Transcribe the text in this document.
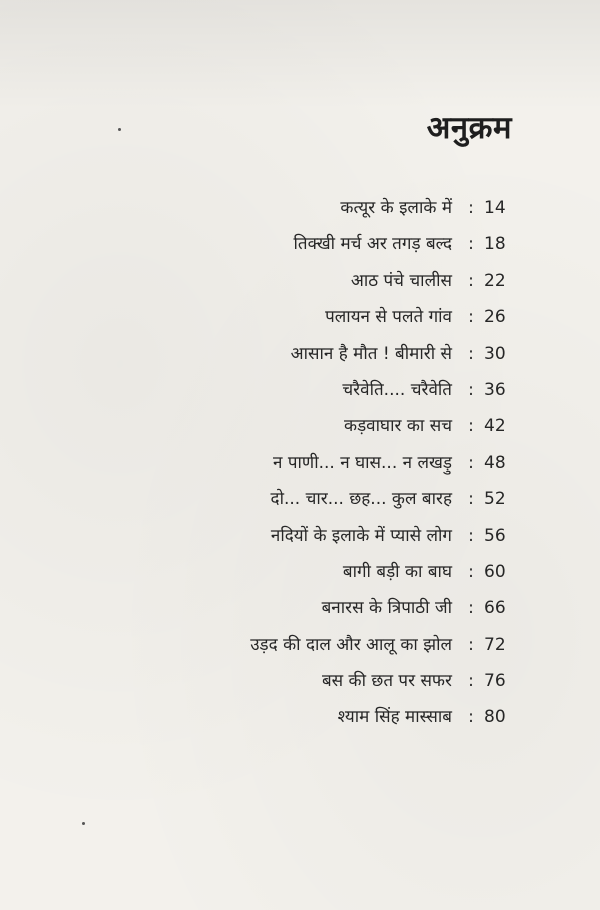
अनुक्रम
कत्यूर के इलाके में : 14
तिक्खी मर्च अर तगड़ बल्द : 18
आठ पंचे चालीस : 22
पलायन से पलते गांव : 26
आसान है मौत ! बीमारी से : 30
चरैवेति.... चरैवेति : 36
कड़वाघार का सच : 42
न पाणी... न घास... न लखड़ु : 48
दो... चार... छह... कुल बारह : 52
नदियों के इलाके में प्यासे लोग : 56
बागी बड़ी का बाघ : 60
बनारस के त्रिपाठी जी : 66
उड़द की दाल और आलू का झोल : 72
बस की छत पर सफर : 76
श्याम सिंह मास्साब : 80
